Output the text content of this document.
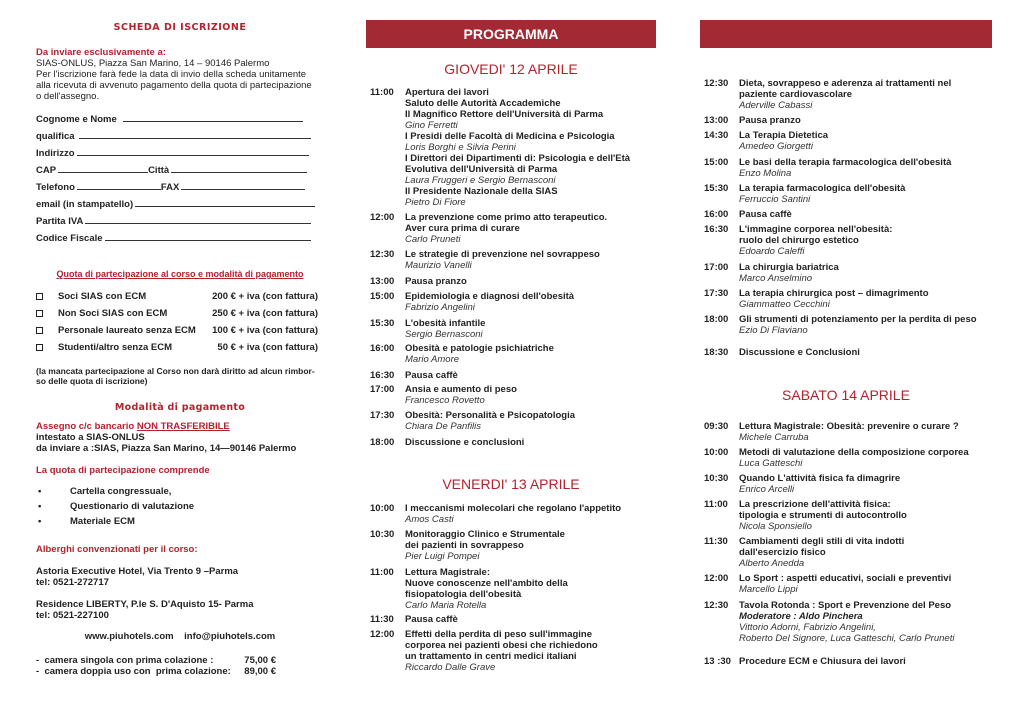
SCHEDA DI ISCRIZIONE
Da inviare esclusivamente a:
SIAS-ONLUS, Piazza San Marino, 14 – 90146 Palermo
Per l'iscrizione farà fede la data di invio della scheda unitamente
alla ricevuta di avvenuto pagamento della quota di partecipazione
o dell'assegno.
Cognome e Nome
qualifica
Indirizzo
CAP	Città
Telefono	FAX
email (in stampatello)
Partita IVA
Codice Fiscale
Quota di partecipazione al corso e modalità di pagamento
Soci SIAS con ECM	200 € + iva (con fattura)
Non Soci SIAS con ECM	250 € + iva (con fattura)
Personale laureato senza ECM 100 € + iva (con fattura)
Studenti/altro senza ECM	50 € + iva (con fattura)
(la mancata partecipazione al Corso non darà diritto ad alcun rimbor-
so delle quota di iscrizione)
Modalità di pagamento
Assegno c/c bancario NON TRASFERIBILE
intestato a SIAS-ONLUS
da inviare a :SIAS, Piazza San Marino, 14—90146 Palermo
La quota di partecipazione comprende
•	Cartella congressuale,
•	Questionario di valutazione
•	Materiale ECM
Alberghi convenzionati per il corso:
Astoria Executive Hotel, Via Trento 9 –Parma
tel: 0521-272717
Residence LIBERTY, P.le S. D'Aquisto 15- Parma
tel: 0521-227100
www.piuhotels.com    info@piuhotels.com
-  camera singola con prima colazione :	75,00 €
-  camera doppia uso con  prima colazione: 89,00 €
PROGRAMMA
GIOVEDI' 12 APRILE
11:00 Apertura dei lavori
Saluto delle Autorità Accademiche
Il Magnifico Rettore dell'Università di Parma
Gino Ferretti
I Presidi delle Facoltà di Medicina e Psicologia
Loris Borghi e Silvia Perini
I Direttori dei Dipartimenti di: Psicologia e dell'Età
Evolutiva dell'Università di Parma
Laura Fruggeri e Sergio Bernasconi
Il Presidente Nazionale della SIAS
Pietro Di Fiore
12:00 La prevenzione come primo atto terapeutico.
Aver cura prima di curare
Carlo Pruneti
12:30 Le strategie di prevenzione nel sovrappeso
Maurizio Vanelli
13:00 Pausa pranzo
15:00 Epidemiologia e diagnosi dell'obesità
Fabrizio Angelini
15:30 L'obesità infantile
Sergio Bernasconi
16:00 Obesità e patologie psichiatriche
Mario Amore
16:30 Pausa caffè
17:00 Ansia e aumento di peso
Francesco Rovetto
17:30 Obesità: Personalità e Psicopatologia
Chiara De Panfilis
18:00 Discussione e conclusioni
VENERDI' 13 APRILE
10:00 I meccanismi molecolari che regolano l'appetito
Amos Casti
10:30 Monitoraggio Clinico e Strumentale
dei pazienti in sovrappeso
Pier Luigi Pompei
11:00 Lettura Magistrale:
Nuove conoscenze nell'ambito della
fisiopatologia dell'obesità
Carlo Maria Rotella
11:30 Pausa caffè
12:00 Effetti della perdita di peso sull'immagine
corporea nei pazienti obesi che richiedono
un trattamento in centri medici italiani
Riccardo Dalle Grave
12:30 Dieta, sovrappeso e aderenza ai trattamenti nel
paziente cardiovascolare
Aderville Cabassi
13:00 Pausa pranzo
14:30 La Terapia Dietetica
Amedeo Giorgetti
15:00 Le basi della terapia farmacologica dell'obesità
Enzo Molina
15:30 La terapia farmacologica dell'obesità
Ferruccio Santini
16:00 Pausa caffè
16:30 L'immagine corporea nell'obesità:
ruolo del chirurgo estetico
Edoardo Caleffi
17:00 La chirurgia bariatrica
Marco Anselmino
17:30 La terapia chirurgica post – dimagrimento
Giammatteo Cecchini
18:00 Gli strumenti di potenziamento per la perdita di peso
Ezio Di Flaviano
18:30 Discussione e Conclusioni
SABATO 14 APRILE
09:30 Lettura Magistrale: Obesità: prevenire o curare ?
Michele Carruba
10:00 Metodi di valutazione della composizione corporea
Luca Gatteschi
10:30 Quando L'attività fisica fa dimagrire
Enrico Arcelli
11:00 La prescrizione dell'attività fisica:
tipologia e strumenti di autocontrollo
Nicola Sponsiello
11:30 Cambiamenti degli stili di vita indotti
dall'esercizio fisico
Alberto Anedda
12:00 Lo Sport : aspetti educativi, sociali e preventivi
Marcello Lippi
12:30 Tavola Rotonda : Sport e Prevenzione del Peso
Moderatore : Aldo Pinchera
Vittorio Adorni, Fabrizio Angelini,
Roberto Del Signore, Luca Gatteschi, Carlo Pruneti
13 :30 Procedure ECM e Chiusura dei lavori
